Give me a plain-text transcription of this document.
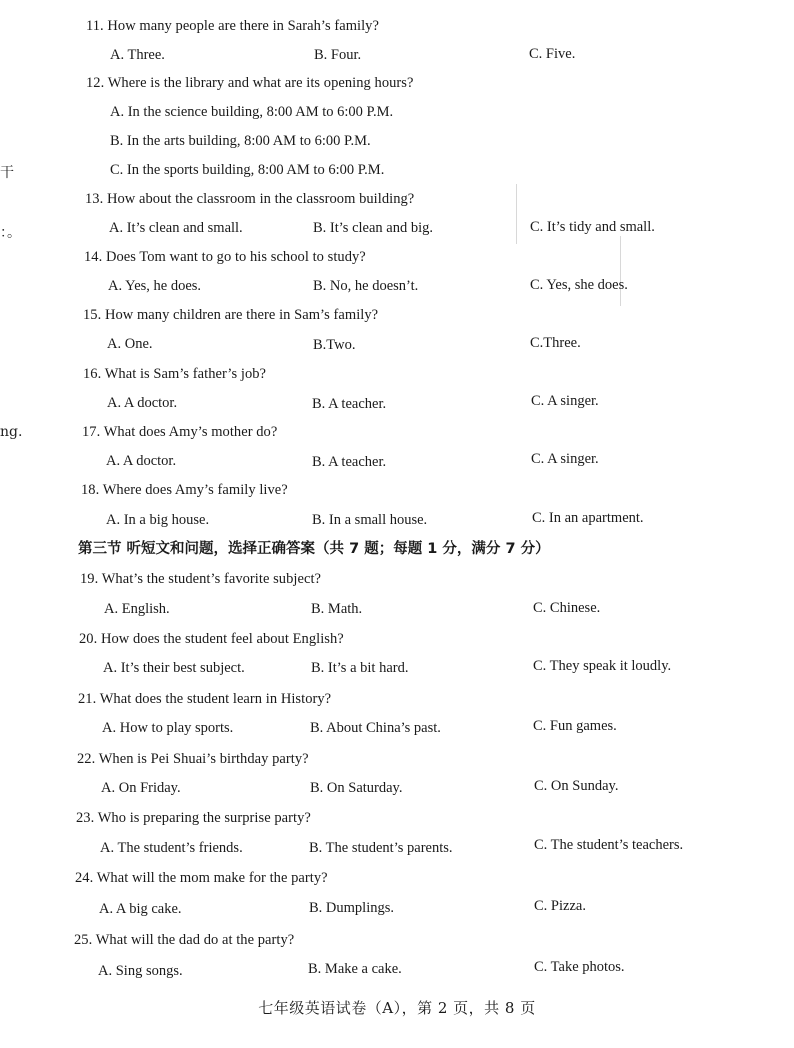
干
：。
ng.
11. How many people are there in Sarah’s family?
A. Three.	B. Four.	C. Five.
12. Where is the library and what are its opening hours?
A. In the science building, 8:00 AM to 6:00 P.M.
B. In the arts building, 8:00 AM to 6:00 P.M.
C. In the sports building, 8:00 AM to 6:00 P.M.
13. How about the classroom in the classroom building?
A. It’s clean and small.	B. It’s clean and big.	C. It’s tidy and small.
14. Does Tom want to go to his school to study?
A. Yes, he does.	B. No, he doesn’t.	C. Yes, she does.
15. How many children are there in Sam’s family?
A. One.	B.Two.	C.Three.
16. What is Sam’s father’s job?
A. A doctor.	B. A teacher.	C. A singer.
17. What does Amy’s mother do?
A. A doctor.	B. A teacher.	C. A singer.
18. Where does Amy’s family live?
A. In a big house.	B. In a small house.	C. In an apartment.
第三节 听短文和问题，选择正确答案（共 7 题；每题 1 分，满分 7 分）
19. What’s the student’s favorite subject?
A. English.	B. Math.	C. Chinese.
20. How does the student feel about English?
A. It’s their best subject.	B. It’s a bit hard.	C. They speak it loudly.
21. What does the student learn in History?
A. How to play sports.	B. About China’s past.	C. Fun games.
22. When is Pei Shuai’s birthday party?
A. On Friday.	B. On Saturday.	C. On Sunday.
23. Who is preparing the surprise party?
A. The student’s friends.	B. The student’s parents.	C. The student’s teachers.
24. What will the mom make for the party?
A. A big cake.	B. Dumplings.	C. Pizza.
25. What will the dad do at the party?
A. Sing songs.	B. Make a cake.	C. Take photos.
七年级英语试卷（A），第 2 页，共 8 页
